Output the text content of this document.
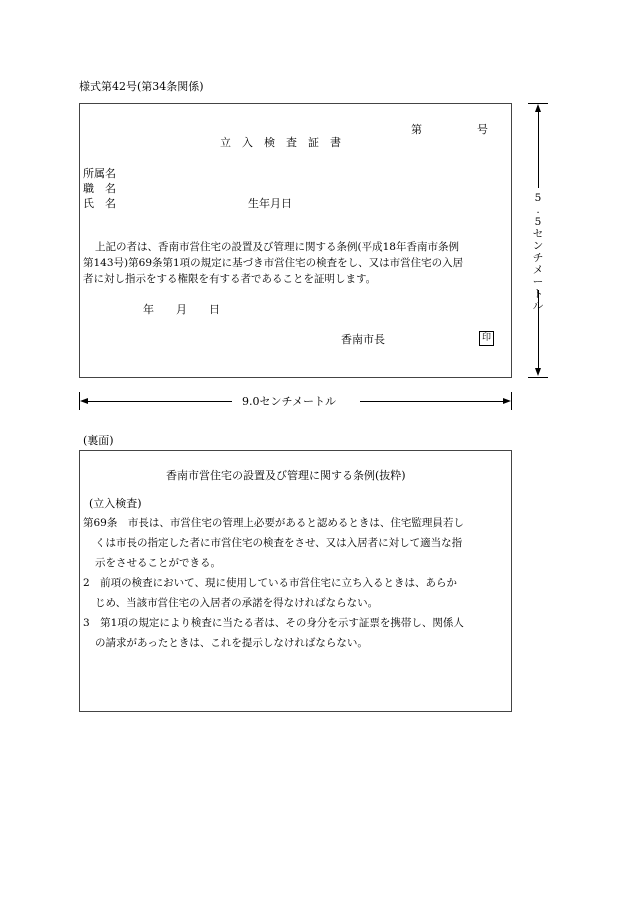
様式第42号(第34条関係)
第　　　　　号
立　入　検　査　証　書
所属名
職　名
氏　名	生年月日
上記の者は、香南市営住宅の設置及び管理に関する条例(平成18年香南市条例
第143号)第69条第1項の規定に基づき市営住宅の検査をし、又は市営住宅の入居
者に対し指示をする権限を有する者であることを証明します。
年　　月　　日
香南市長	印
5
.
5
セ
ン
チ
メ
ー
ト
ル
9.0センチメートル
(裏面)
香南市営住宅の設置及び管理に関する条例(抜粋)
(立入検査)
第69条　市長は、市営住宅の管理上必要があると認めるときは、住宅監理員若し
くは市長の指定した者に市営住宅の検査をさせ、又は入居者に対して適当な指
示をさせることができる。
2　前項の検査において、現に使用している市営住宅に立ち入るときは、あらか
じめ、当該市営住宅の入居者の承諾を得なければならない。
3　第1項の規定により検査に当たる者は、その身分を示す証票を携帯し、関係人
の請求があったときは、これを提示しなければならない。
